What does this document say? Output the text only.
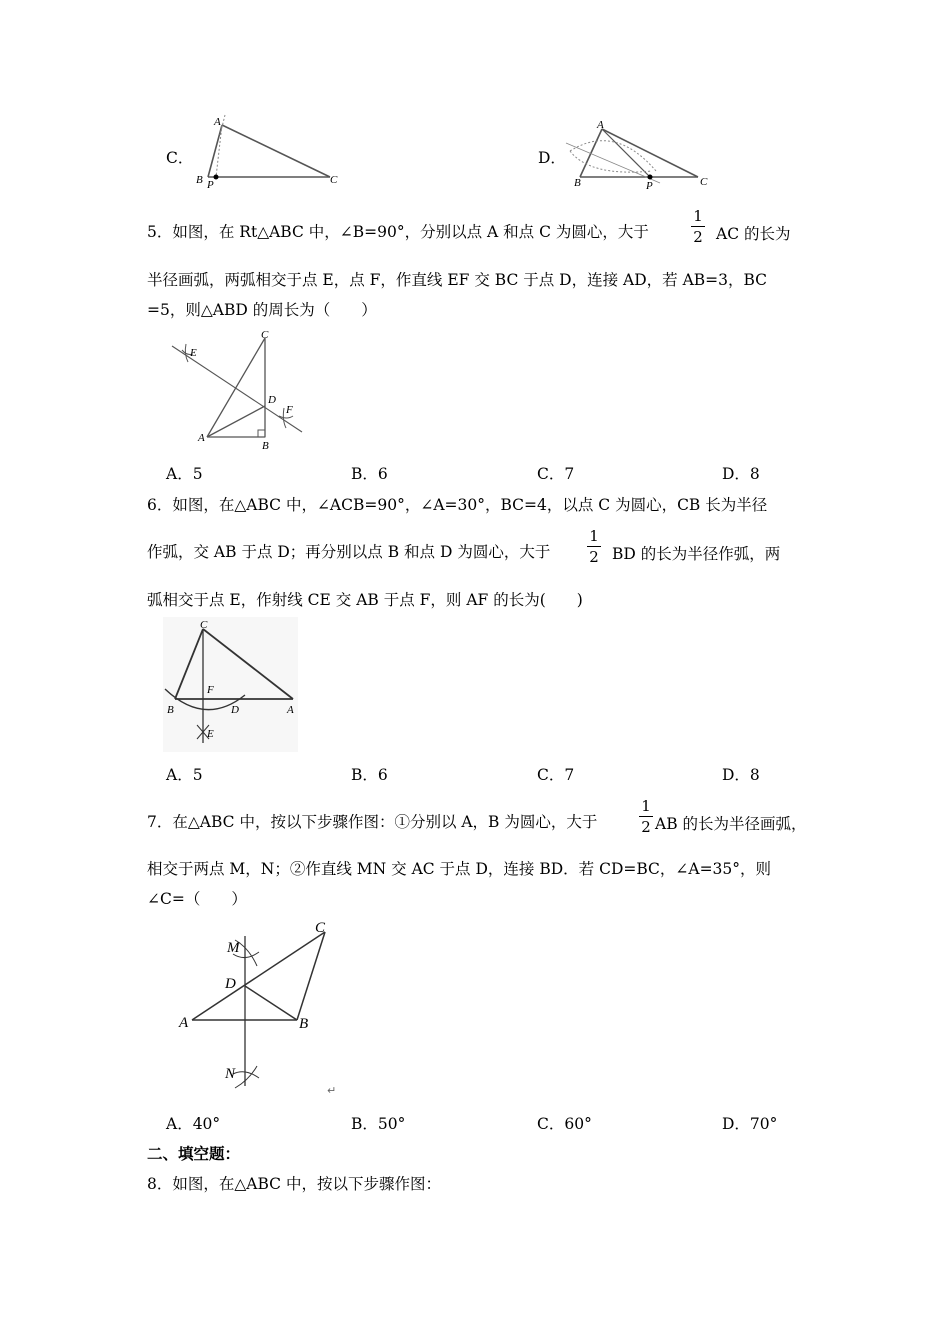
C．
A
B P	C
D．
A
B	P	C
5．如图，在 Rt△ABC 中，∠B=90°，分别以点 A 和点 C 为圆心，大于
1
2 AC 的长为
半径画弧，两弧相交于点 E，点 F，作直线 EF 交 BC 于点 D，连接 AD，若 AB=3，BC
=5，则△ABD 的周长为（　　）
E
C
D
F
A
B
A．5	B．6	C．7	D．8
6．如图，在△ABC 中，∠ACB=90°，∠A=30°，BC=4，以点 C 为圆心，CB 长为半径
作弧，交 AB 于点 D；再分别以点 B 和点 D 为圆心，大于
1
2 BD 的长为半径作弧，两
弧相交于点 E，作射线 CE 交 AB 于点 F，则 AF 的长为(　　)
C
F
B	D	A
E
A．5	B．6	C．7	D．8
7．在△ABC 中，按以下步骤作图：①分别以 A，B 为圆心，大于
1
2 AB 的长为半径画弧，
相交于两点 M，N；②作直线 MN 交 AC 于点 D，连接 BD．若 CD=BC，∠A=35°，则
∠C=（　　）
M
C
D
A	B
N
↵
A．40°	B．50°	C．60°	D．70°
二、填空题：
8．如图，在△ABC 中，按以下步骤作图：
